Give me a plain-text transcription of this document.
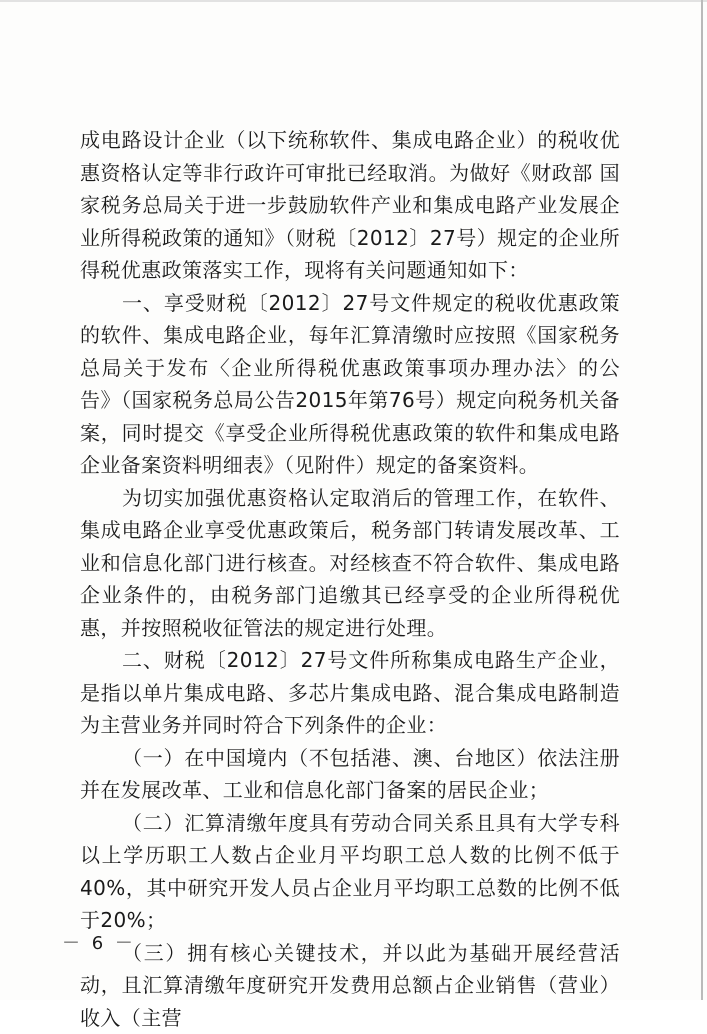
成电路设计企业（以下统称软件、集成电路企业）的税收优惠资格认定等非行政许可审批已经取消。为做好《财政部 国家税务总局关于进一步鼓励软件产业和集成电路产业发展企业所得税政策的通知》（财税〔2012〕27号）规定的企业所得税优惠政策落实工作，现将有关问题通知如下：

一、享受财税〔2012〕27号文件规定的税收优惠政策的软件、集成电路企业，每年汇算清缴时应按照《国家税务总局关于发布〈企业所得税优惠政策事项办理办法〉的公告》（国家税务总局公告2015年第76号）规定向税务机关备案，同时提交《享受企业所得税优惠政策的软件和集成电路企业备案资料明细表》（见附件）规定的备案资料。

为切实加强优惠资格认定取消后的管理工作，在软件、集成电路企业享受优惠政策后，税务部门转请发展改革、工业和信息化部门进行核查。对经核查不符合软件、集成电路企业条件的，由税务部门追缴其已经享受的企业所得税优惠，并按照税收征管法的规定进行处理。

二、财税〔2012〕27号文件所称集成电路生产企业，是指以单片集成电路、多芯片集成电路、混合集成电路制造为主营业务并同时符合下列条件的企业：

（一）在中国境内（不包括港、澳、台地区）依法注册并在发展改革、工业和信息化部门备案的居民企业；

（二）汇算清缴年度具有劳动合同关系且具有大学专科以上学历职工人数占企业月平均职工总人数的比例不低于40%，其中研究开发人员占企业月平均职工总数的比例不低于20%；

（三）拥有核心关键技术，并以此为基础开展经营活动，且汇算清缴年度研究开发费用总额占企业销售（营业）收入（主营

－ 6 －
